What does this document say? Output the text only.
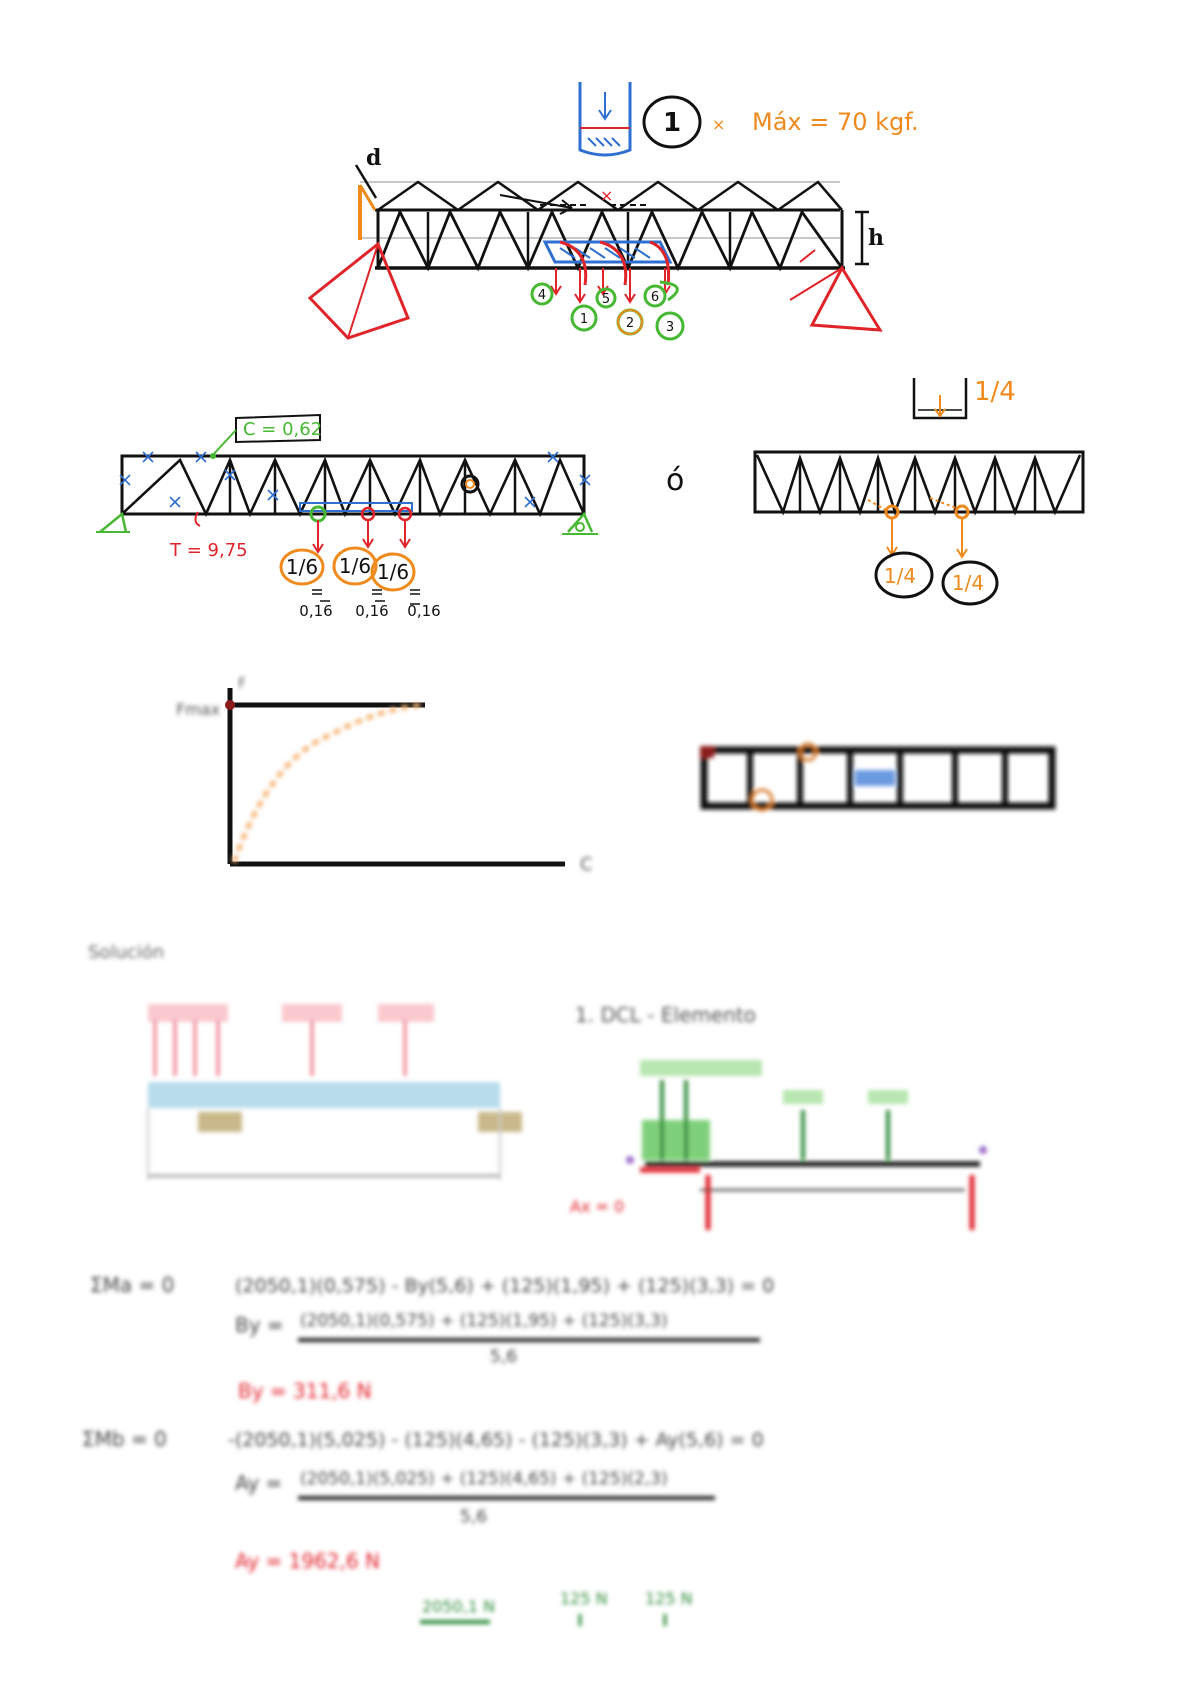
×
d
h
4
1
5
2
6
3
1 × Máx = 70 kgf.
T = 9,75
C = 0,62
1/6 1/6 1/6
0,16 0,16 0,16
ó
1/4 1/4
1/4
Fmax
F
C
Solución
1. DCL - Elemento
Ax = 0
ΣMa = 0	(2050,1)(0,575) - By(5,6) + (125)(1,95) + (125)(3,3) = 0
By = (2050,1)(0,575) + (125)(1,95) + (125)(3,3)
5,6
By = 311,6 N
ΣMb = 0	-(2050,1)(5,025) - (125)(4,65) - (125)(3,3) + Ay(5,6) = 0
Ay = (2050,1)(5,025) + (125)(4,65) + (125)(2,3)
5,6
Ay = 1962,6 N
2050,1 N	125 N 125 N
